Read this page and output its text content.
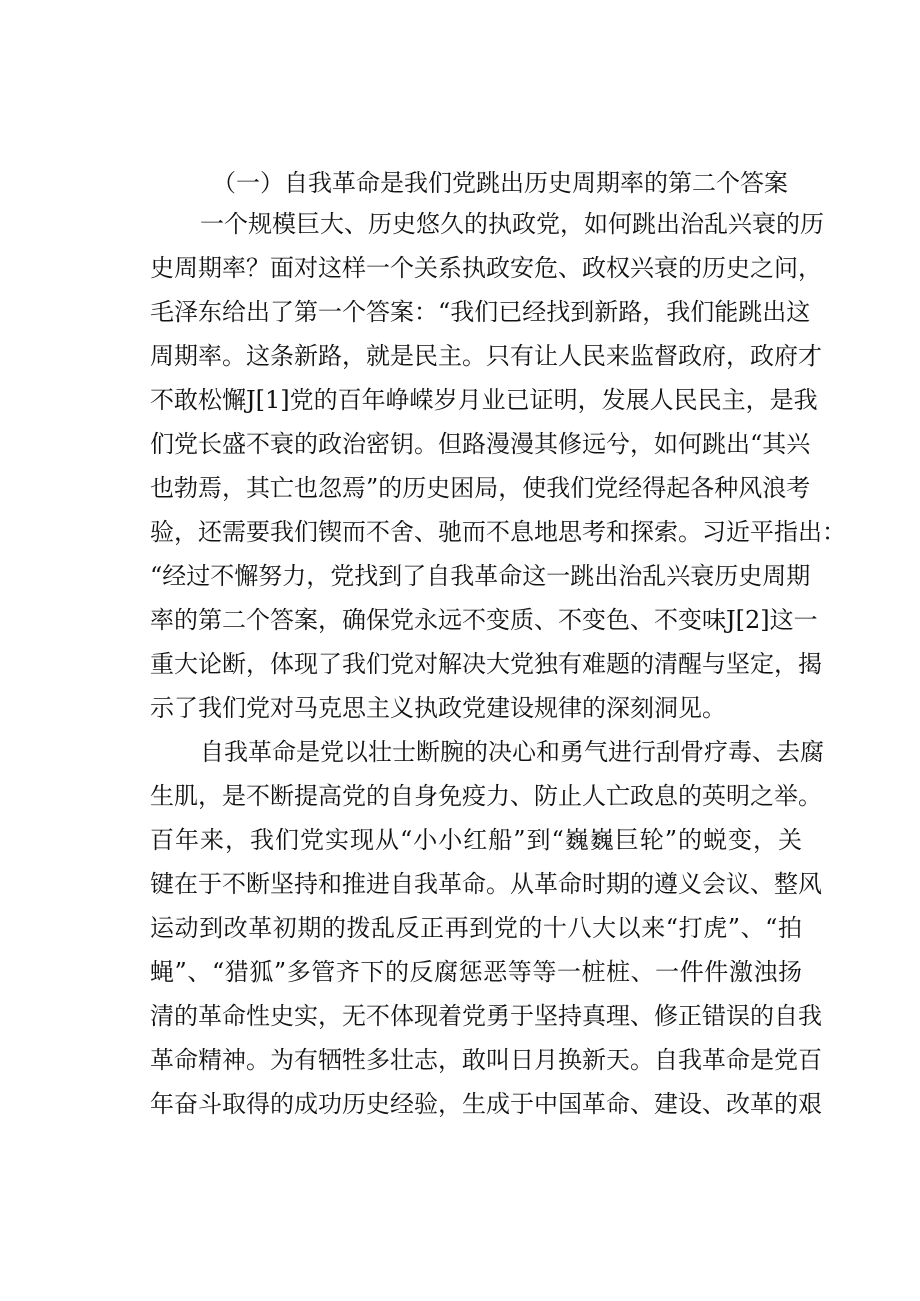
（一）自我革命是我们党跳出历史周期率的第二个答案
一个规模巨大、历史悠久的执政党，如何跳出治乱兴衰的历
史周期率？面对这样一个关系执政安危、政权兴衰的历史之问，
毛泽东给出了第一个答案：“我们已经找到新路，我们能跳出这
周期率。这条新路，就是民主。只有让人民来监督政府，政府才
不敢松懈J[1]党的百年峥嵘岁月业已证明，发展人民民主，是我
们党长盛不衰的政治密钥。但路漫漫其修远兮，如何跳出“其兴
也勃焉，其亡也忽焉”的历史困局，使我们党经得起各种风浪考
验，还需要我们锲而不舍、驰而不息地思考和探索。习近平指出：
“经过不懈努力，党找到了自我革命这一跳出治乱兴衰历史周期
率的第二个答案，确保党永远不变质、不变色、不变味J[2]这一
重大论断，体现了我们党对解决大党独有难题的清醒与坚定，揭
示了我们党对马克思主义执政党建设规律的深刻洞见。
自我革命是党以壮士断腕的决心和勇气进行刮骨疗毒、去腐
生肌，是不断提高党的自身免疫力、防止人亡政息的英明之举。
百年来，我们党实现从“小小红船”到“巍巍巨轮”的蜕变，关
键在于不断坚持和推进自我革命。从革命时期的遵义会议、整风
运动到改革初期的拨乱反正再到党的十八大以来“打虎”、“拍
蝇”、“猎狐”多管齐下的反腐惩恶等等一桩桩、一件件激浊扬
清的革命性史实，无不体现着党勇于坚持真理、修正错误的自我
革命精神。为有牺牲多壮志，敢叫日月换新天。自我革命是党百
年奋斗取得的成功历史经验，生成于中国革命、建设、改革的艰
